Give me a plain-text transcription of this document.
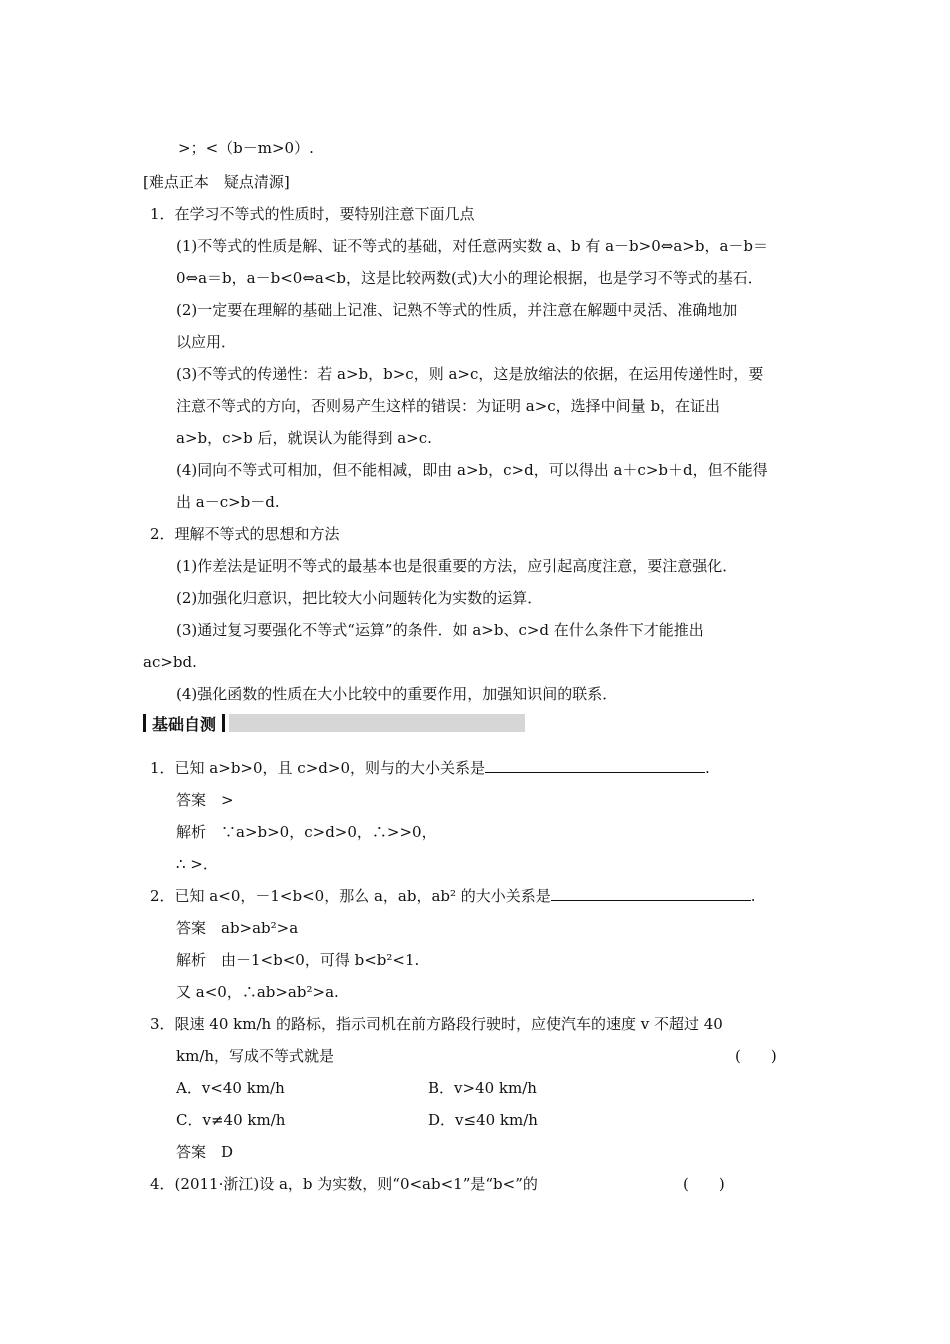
>；<（b－m>0）.
[难点正本　疑点清源]
1．在学习不等式的性质时，要特别注意下面几点
(1)不等式的性质是解、证不等式的基础，对任意两实数 a、b 有 a－b>0⇔a>b，a－b＝
0⇔a＝b，a－b<0⇔a<b，这是比较两数(式)大小的理论根据，也是学习不等式的基石．
(2)一定要在理解的基础上记准、记熟不等式的性质，并注意在解题中灵活、准确地加
以应用．
(3)不等式的传递性：若 a>b，b>c，则 a>c，这是放缩法的依据，在运用传递性时，要
注意不等式的方向，否则易产生这样的错误：为证明 a>c，选择中间量 b，在证出
a>b，c>b 后，就误认为能得到 a>c.
(4)同向不等式可相加，但不能相减，即由 a>b，c>d，可以得出 a＋c>b＋d，但不能得
出 a－c>b－d.
2．理解不等式的思想和方法
(1)作差法是证明不等式的最基本也是很重要的方法，应引起高度注意，要注意强化．
(2)加强化归意识，把比较大小问题转化为实数的运算．
(3)通过复习要强化不等式“运算”的条件．如 a>b、c>d 在什么条件下才能推出
ac>bd.
(4)强化函数的性质在大小比较中的重要作用，加强知识间的联系．
答案　>
解析　∵a>b>0，c>d>0，∴>>0，
∴ >．
答案　ab>ab²>a
解析　由－1<b<0，可得 b<b²<1.
又 a<0，∴ab>ab²>a.
3．限速 40 km/h 的路标，指示司机在前方路段行驶时，应使汽车的速度 v 不超过 40
km/h，写成不等式就是
A．v<40 km/h	B．v>40 km/h
C．v≠40 km/h	D．v≤40 km/h
答案　D
4．(2011·浙江)设 a，b 为实数，则“0<ab<1”是“b<”的
基础自测
1．已知 a>b>0，且 c>d>0，则与的大小关系是	.
2．已知 a<0，－1<b<0，那么 a，ab，ab² 的大小关系是	.
(　　)
(　　)
